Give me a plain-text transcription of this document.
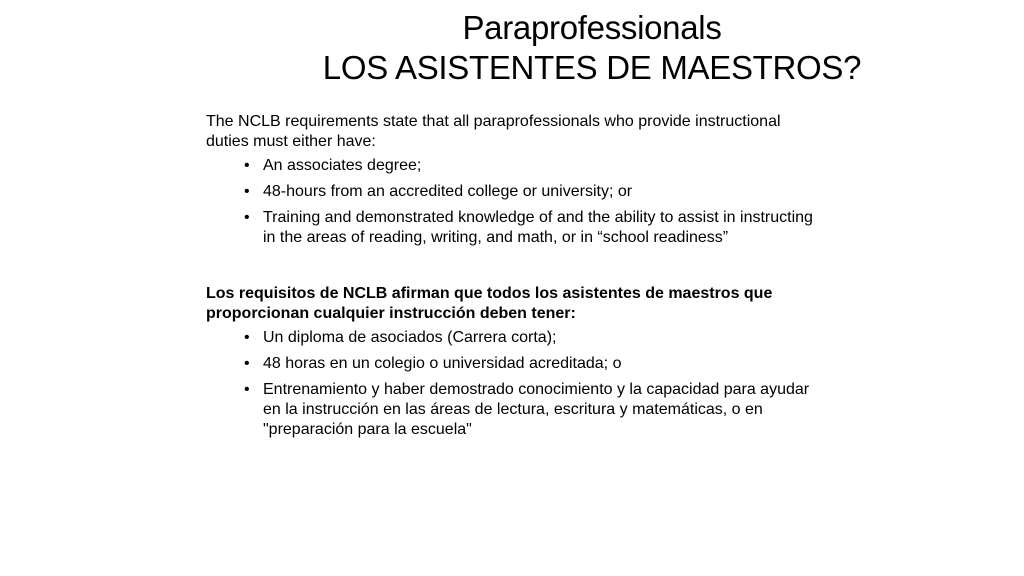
Paraprofessionals
LOS ASISTENTES DE MAESTROS?

The NCLB requirements state that all paraprofessionals who provide instructional duties must either have:

• An associates degree;
• 48-hours from an accredited college or university; or
• Training and demonstrated knowledge of and the ability to assist in instructing in the areas of reading, writing, and math, or in “school readiness”

Los requisitos de NCLB afirman que todos los asistentes de maestros que proporcionan cualquier instrucción deben tener:

• Un diploma de asociados (Carrera corta);
• 48 horas en un colegio o universidad acreditada; o
• Entrenamiento y haber demostrado conocimiento y la capacidad para ayudar en la instrucción en las áreas de lectura, escritura y matemáticas, o en "preparación para la escuela"
